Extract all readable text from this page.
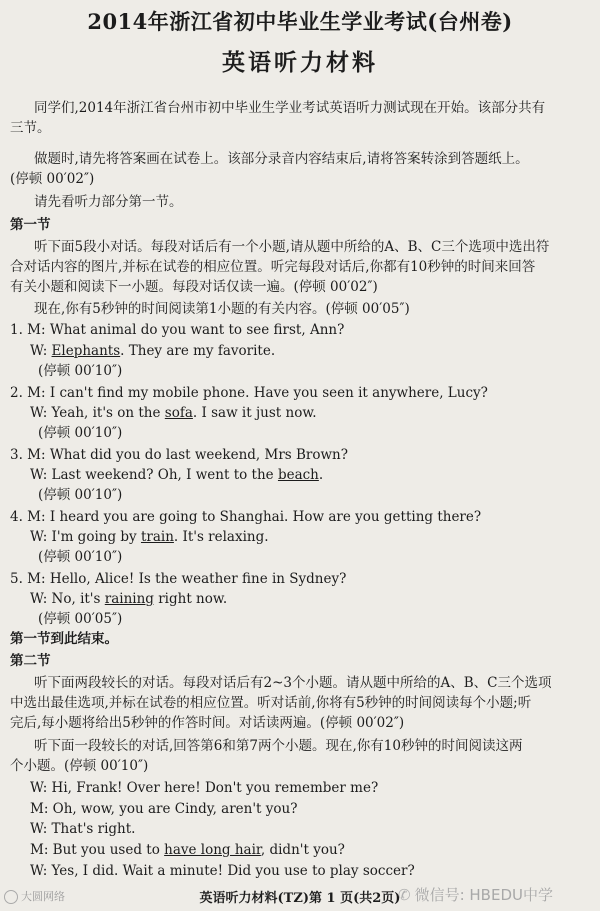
2014年浙江省初中毕业生学业考试(台州卷)
英语听力材料
同学们,2014年浙江省台州市初中毕业生学业考试英语听力测试现在开始。该部分共有
三节。
做题时,请先将答案画在试卷上。该部分录音内容结束后,请将答案转涂到答题纸上。
(停顿 00′02″)
请先看听力部分第一节。
第一节
听下面5段小对话。每段对话后有一个小题,请从题中所给的A、B、C三个选项中选出符
合对话内容的图片,并标在试卷的相应位置。听完每段对话后,你都有10秒钟的时间来回答
有关小题和阅读下一小题。每段对话仅读一遍。(停顿 00′02″)
现在,你有5秒钟的时间阅读第1小题的有关内容。(停顿 00′05″)
1. M: What animal do you want to see first, Ann?
W: Elephants. They are my favorite.
(停顿 00′10″)
2. M: I can't find my mobile phone. Have you seen it anywhere, Lucy?
W: Yeah, it's on the sofa. I saw it just now.
(停顿 00′10″)
3. M: What did you do last weekend, Mrs Brown?
W: Last weekend? Oh, I went to the beach.
(停顿 00′10″)
4. M: I heard you are going to Shanghai. How are you getting there?
W: I'm going by train. It's relaxing.
(停顿 00′10″)
5. M: Hello, Alice! Is the weather fine in Sydney?
W: No, it's raining right now.
(停顿 00′05″)
第一节到此结束。
第二节
听下面两段较长的对话。每段对话后有2~3个小题。请从题中所给的A、B、C三个选项
中选出最佳选项,并标在试卷的相应位置。听对话前,你将有5秒钟的时间阅读每个小题;听
完后,每小题将给出5秒钟的作答时间。对话读两遍。(停顿 00′02″)
听下面一段较长的对话,回答第6和第7两个小题。现在,你有10秒钟的时间阅读这两
个小题。(停顿 00′10″)
W: Hi, Frank! Over here! Don't you remember me?
M: Oh, wow, you are Cindy, aren't you?
W: That's right.
M: But you used to have long hair, didn't you?
W: Yes, I did. Wait a minute! Did you use to play soccer?
英语听力材料(TZ)第 1 页(共2页)
大圆网络	✆ 微信号: HBEDU中学
